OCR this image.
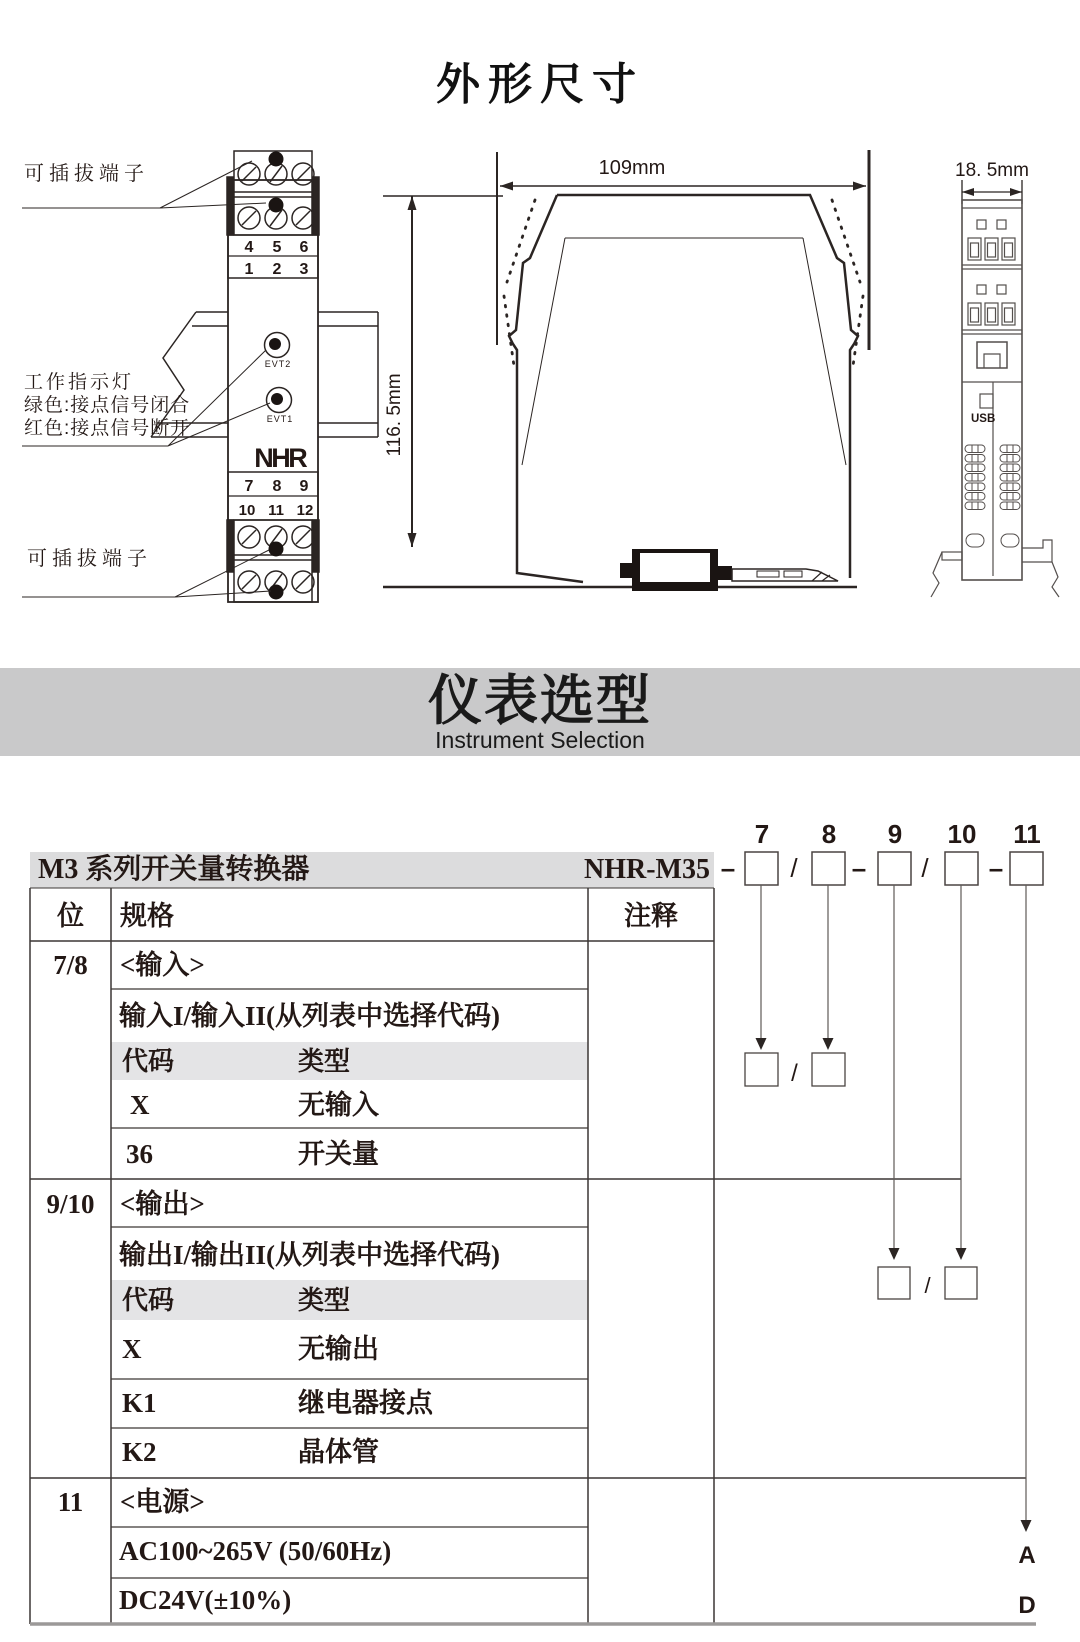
外形尺寸
4 5 6
1 2 3
EVT2
EVT1
N
H
R
7 8 9
10 11 12
可插拔端子
工作指示灯
绿色:接点信号闭合
红色:接点信号断开
可插拔端子
109mm
116. 5mm
18. 5mm
USB
仪表选型
Instrument Selection
7	8	9	10 11
M3 系列开关量转换器	NHR-M35 – / – / –
/
/
位	规格	注释
7/8	<输入>
输入I/输入II(从列表中选择代码)
代码	类型
X	无输入
36	开关量
9/10 <输出>
输出I/输出II(从列表中选择代码)
代码	类型
X	无输出
K1	继电器接点
K2	晶体管
11	<电源>
AC100~265V (50/60Hz)
DC24V(±10%)
A
D
